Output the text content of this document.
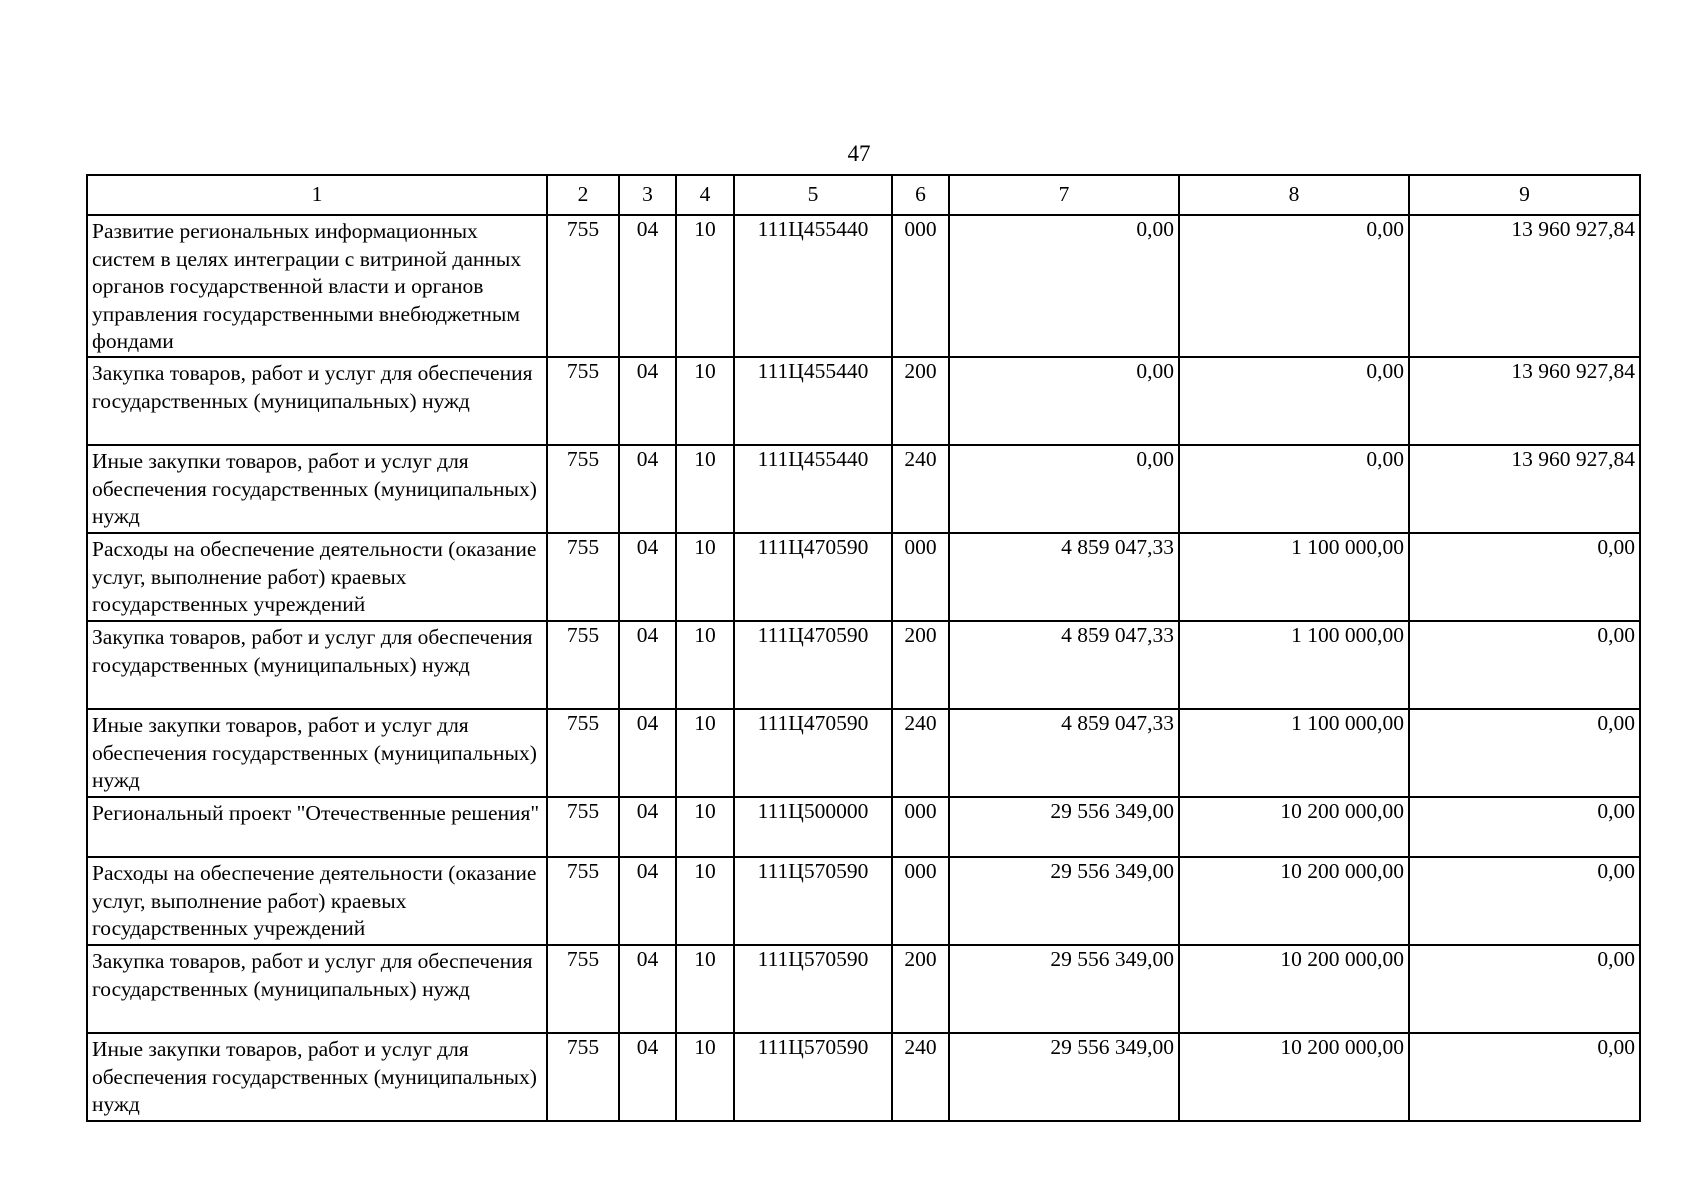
47
1	2	3	4	5	6	7	8	9
Развитие региональных информационных систем в целях интеграции с витриной данных органов государственной власти и органов управления государственными внебюджетным фондами	755	04	10	111Ц455440	000	0,00	0,00	13 960 927,84
Закупка товаров, работ и услуг для обеспечения государственных (муниципальных) нужд	755	04	10	111Ц455440	200	0,00	0,00	13 960 927,84
Иные закупки товаров, работ и услуг для обеспечения государственных (муниципальных) нужд	755	04	10	111Ц455440	240	0,00	0,00	13 960 927,84
Расходы на обеспечение деятельности (оказание услуг, выполнение работ) краевых государственных учреждений	755	04	10	111Ц470590	000	4 859 047,33	1 100 000,00	0,00
Закупка товаров, работ и услуг для обеспечения государственных (муниципальных) нужд	755	04	10	111Ц470590	200	4 859 047,33	1 100 000,00	0,00
Иные закупки товаров, работ и услуг для обеспечения государственных (муниципальных) нужд	755	04	10	111Ц470590	240	4 859 047,33	1 100 000,00	0,00
Региональный проект "Отечественные решения"	755	04	10	111Ц500000	000	29 556 349,00	10 200 000,00	0,00
Расходы на обеспечение деятельности (оказание услуг, выполнение работ) краевых государственных учреждений	755	04	10	111Ц570590	000	29 556 349,00	10 200 000,00	0,00
Закупка товаров, работ и услуг для обеспечения государственных (муниципальных) нужд	755	04	10	111Ц570590	200	29 556 349,00	10 200 000,00	0,00
Иные закупки товаров, работ и услуг для обеспечения государственных (муниципальных) нужд	755	04	10	111Ц570590	240	29 556 349,00	10 200 000,00	0,00
